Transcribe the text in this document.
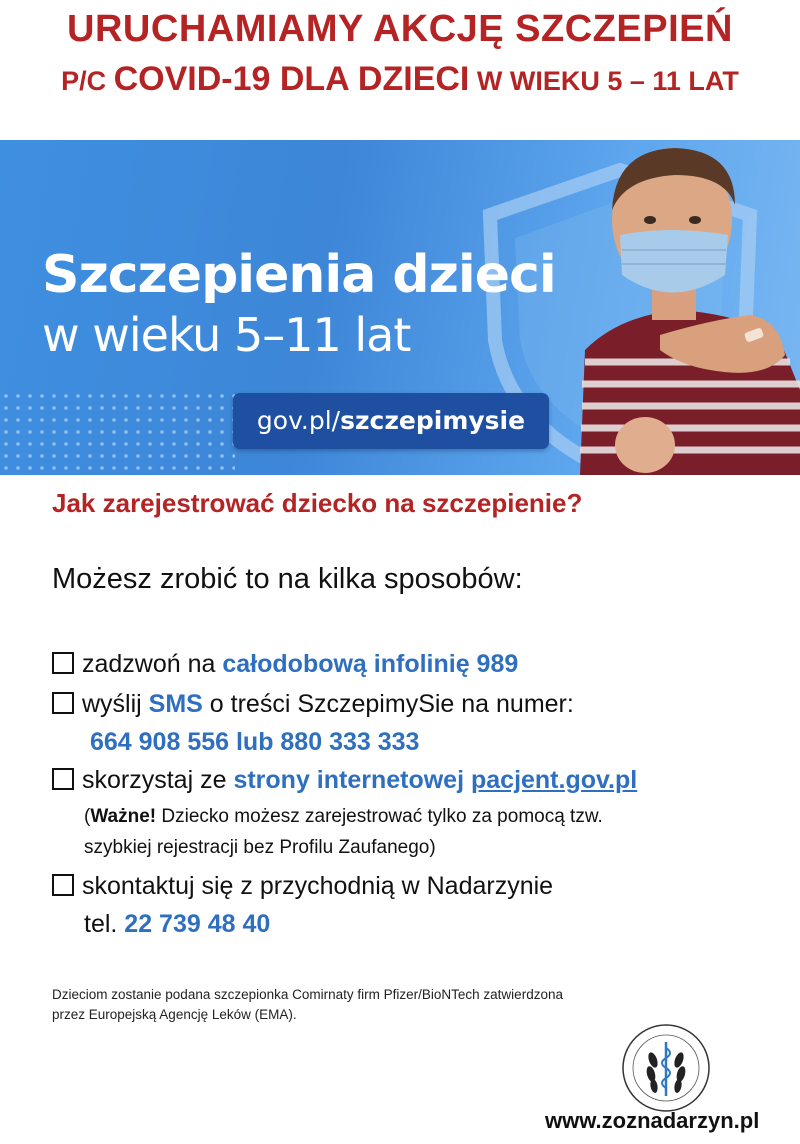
URUCHAMIAMY AKCJĘ SZCZEPIEŃ
P/C COVID-19 DLA DZIECI W WIEKU 5 – 11 LAT
Szczepienia dzieci
w wieku 5–11 lat
gov.pl/szczepimysie
Jak zarejestrować dziecko na szczepienie?
Możesz zrobić to na kilka sposobów:
zadzwoń na całodobową infolinię 989
wyślij SMS o treści SzczepimySie na numer:
664 908 556 lub 880 333 333
skorzystaj ze strony internetowej pacjent.gov.pl
(Ważne! Dziecko możesz zarejestrować tylko za pomocą tzw.
szybkiej rejestracji bez Profilu Zaufanego)
skontaktuj się z przychodnią w Nadarzynie
tel. 22 739 48 40
Dzieciom zostanie podana szczepionka Comirnaty firm Pfizer/BioNTech zatwierdzona
przez Europejską Agencję Leków (EMA).
www.zoznadarzyn.pl
